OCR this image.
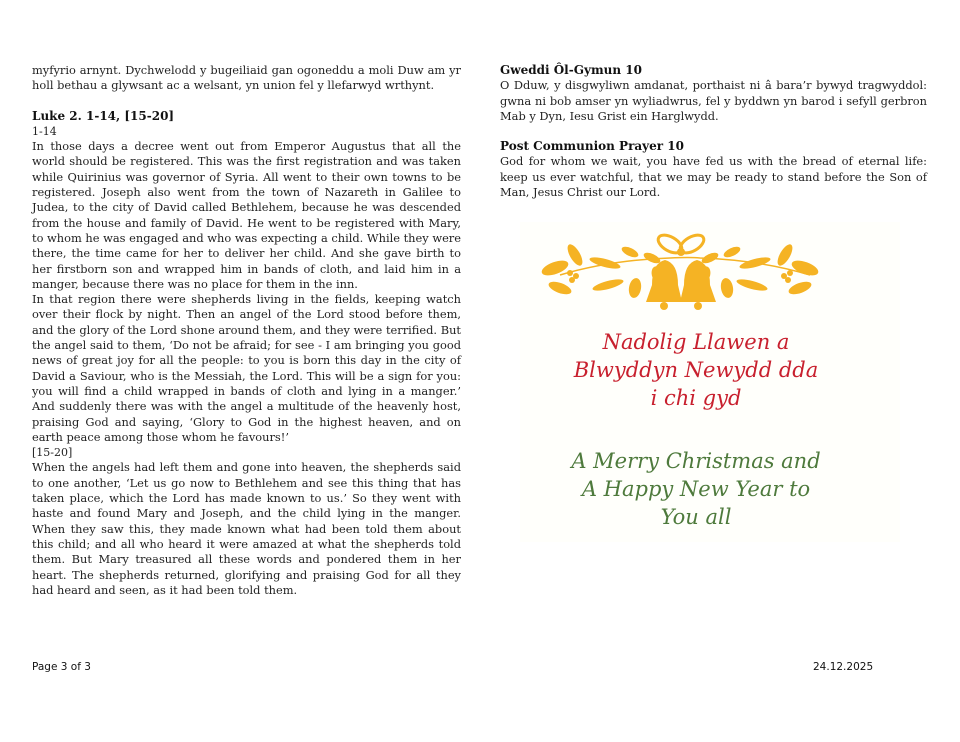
myfyrio arnynt. Dychwelodd y bugeiliaid gan ogoneddu a moli Duw am yr holl bethau a glywsant ac a welsant, yn union fel y llefarwyd wrthynt.

Luke 2. 1-14, [15-20]

1-14

In those days a decree went out from Emperor Augustus that all the world should be registered. This was the first registration and was taken while Quirinius was governor of Syria. All went to their own towns to be registered. Joseph also went from the town of Nazareth in Galilee to Judea, to the city of David called Bethlehem, because he was descended from the house and family of David. He went to be registered with Mary, to whom he was engaged and who was expecting a child. While they were there, the time came for her to deliver her child. And she gave birth to her firstborn son and wrapped him in bands of cloth, and laid him in a manger, because there was no place for them in the inn.

In that region there were shepherds living in the fields, keeping watch over their flock by night. Then an angel of the Lord stood before them, and the glory of the Lord shone around them, and they were terrified. But the angel said to them, ‘Do not be afraid; for see - I am bringing you good news of great joy for all the people: to you is born this day in the city of David a Saviour, who is the Messiah, the Lord. This will be a sign for you: you will find a child wrapped in bands of cloth and lying in a manger.’ And suddenly there was with the angel a multitude of the heavenly host, praising God and saying, ‘Glory to God in the highest heaven, and on earth peace among those whom he favours!’

[15-20]

When the angels had left them and gone into heaven, the shepherds said to one another, ‘Let us go now to Bethlehem and see this thing that has taken place, which the Lord has made known to us.’ So they went with haste and found Mary and Joseph, and the child lying in the manger. When they saw this, they made known what had been told them about this child; and all who heard it were amazed at what the shepherds told them. But Mary treasured all these words and pondered them in her heart. The shepherds returned, glorifying and praising God for all they had heard and seen, as it had been told them.

Gweddi Ôl-Gymun 10

O Dduw, y disgwyliwn amdanat, porthaist ni â bara’r bywyd tragwyddol: gwna ni bob amser yn wyliadwrus, fel y byddwn yn barod i sefyll gerbron Mab y Dyn, Iesu Grist ein Harglwydd.

Post Communion Prayer 10

God for whom we wait, you have fed us with the bread of eternal life: keep us ever watchful, that we may be ready to stand before the Son of Man, Jesus Christ our Lord.

Nadolig Llawen a
Blwyddyn Newydd dda
i chi gyd
A Merry Christmas and
A Happy New Year to
You all
Page 3 of 3	24.12.2025
